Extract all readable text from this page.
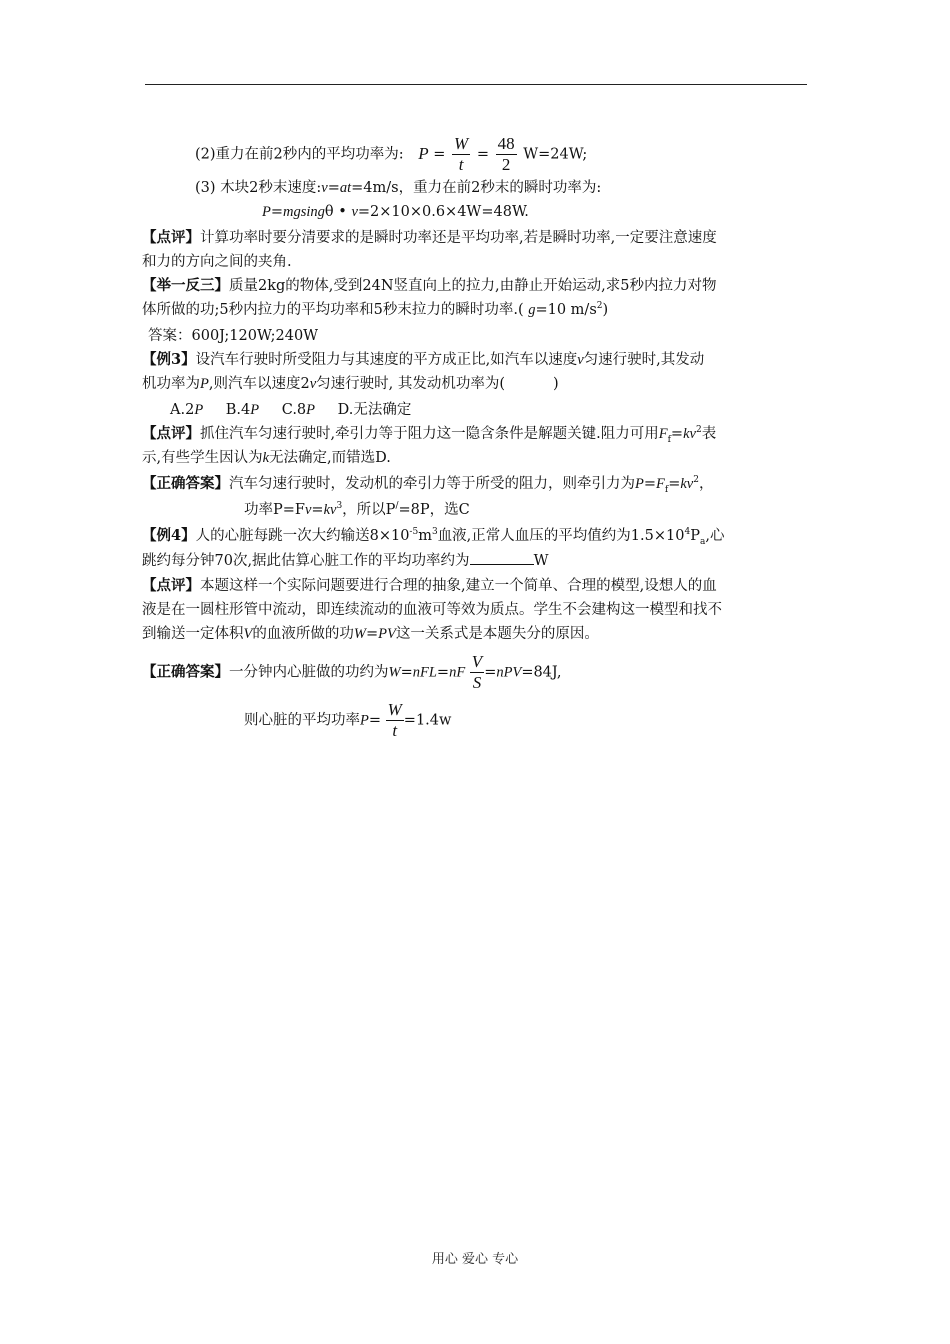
(2)重力在前2秒内的平均功率为: $P = \frac{W}{t} = \frac{48}{2} W=24W$;
(3) 木块2秒末速度:v=at=4m/s，重力在前2秒末的瞬时功率为:
P=mgsingθ • v=2×10×0.6×4W=48W.
【点评】计算功率时要分清要求的是瞬时功率还是平均功率,若是瞬时功率,一定要注意速度
和力的方向之间的夹角.
【举一反三】质量2kg的物体,受到24N竖直向上的拉力,由静止开始运动,求5秒内拉力对物
体所做的功;5秒内拉力的平均功率和5秒末拉力的瞬时功率.( g=10 $m/s^2$)
答案：600J;120W;240W
【例3】设汽车行驶时所受阻力与其速度的平方成正比,如汽车以速度v匀速行驶时,其发动
机功率为P,则汽车以速度2v匀速行驶时, 其发动机功率为(	)
A.2P B.4P C.8P D.无法确定
【点评】抓住汽车匀速行驶时,牵引力等于阻力这一隐含条件是解题关键.阻力可用$F_f=kv^2$表
示,有些学生因认为k无法确定,而错选D.
【正确答案】汽车匀速行驶时，发动机的牵引力等于所受的阻力，则牵引力为$P=F_f=kv^2$，
功率$P=Fv=kv^3$，所以P/=8P，选C
【例4】人的心脏每跳一次大约输送$8\times 10^{-5}m^3$血液,正常人血压的平均值约为$1.5\times 10^4P_a$,心
跳约每分钟70次,据此估算心脏工作的平均功率约为	W
【点评】本题这样一个实际问题要进行合理的抽象,建立一个简单、合理的模型,设想人的血
液是在一圆柱形管中流动，即连续流动的血液可等效为质点。学生不会建构这一模型和找不
到输送一定体积V的血液所做的功W=PV这一关系式是本题失分的原因。
【正确答案】一分钟内心脏做的功约为$W=nFL=nF \frac{V}{S} =nPV=84J$,
则心脏的平均功率$P= \frac{W}{t} =1.4w$
用心 爱心 专心
